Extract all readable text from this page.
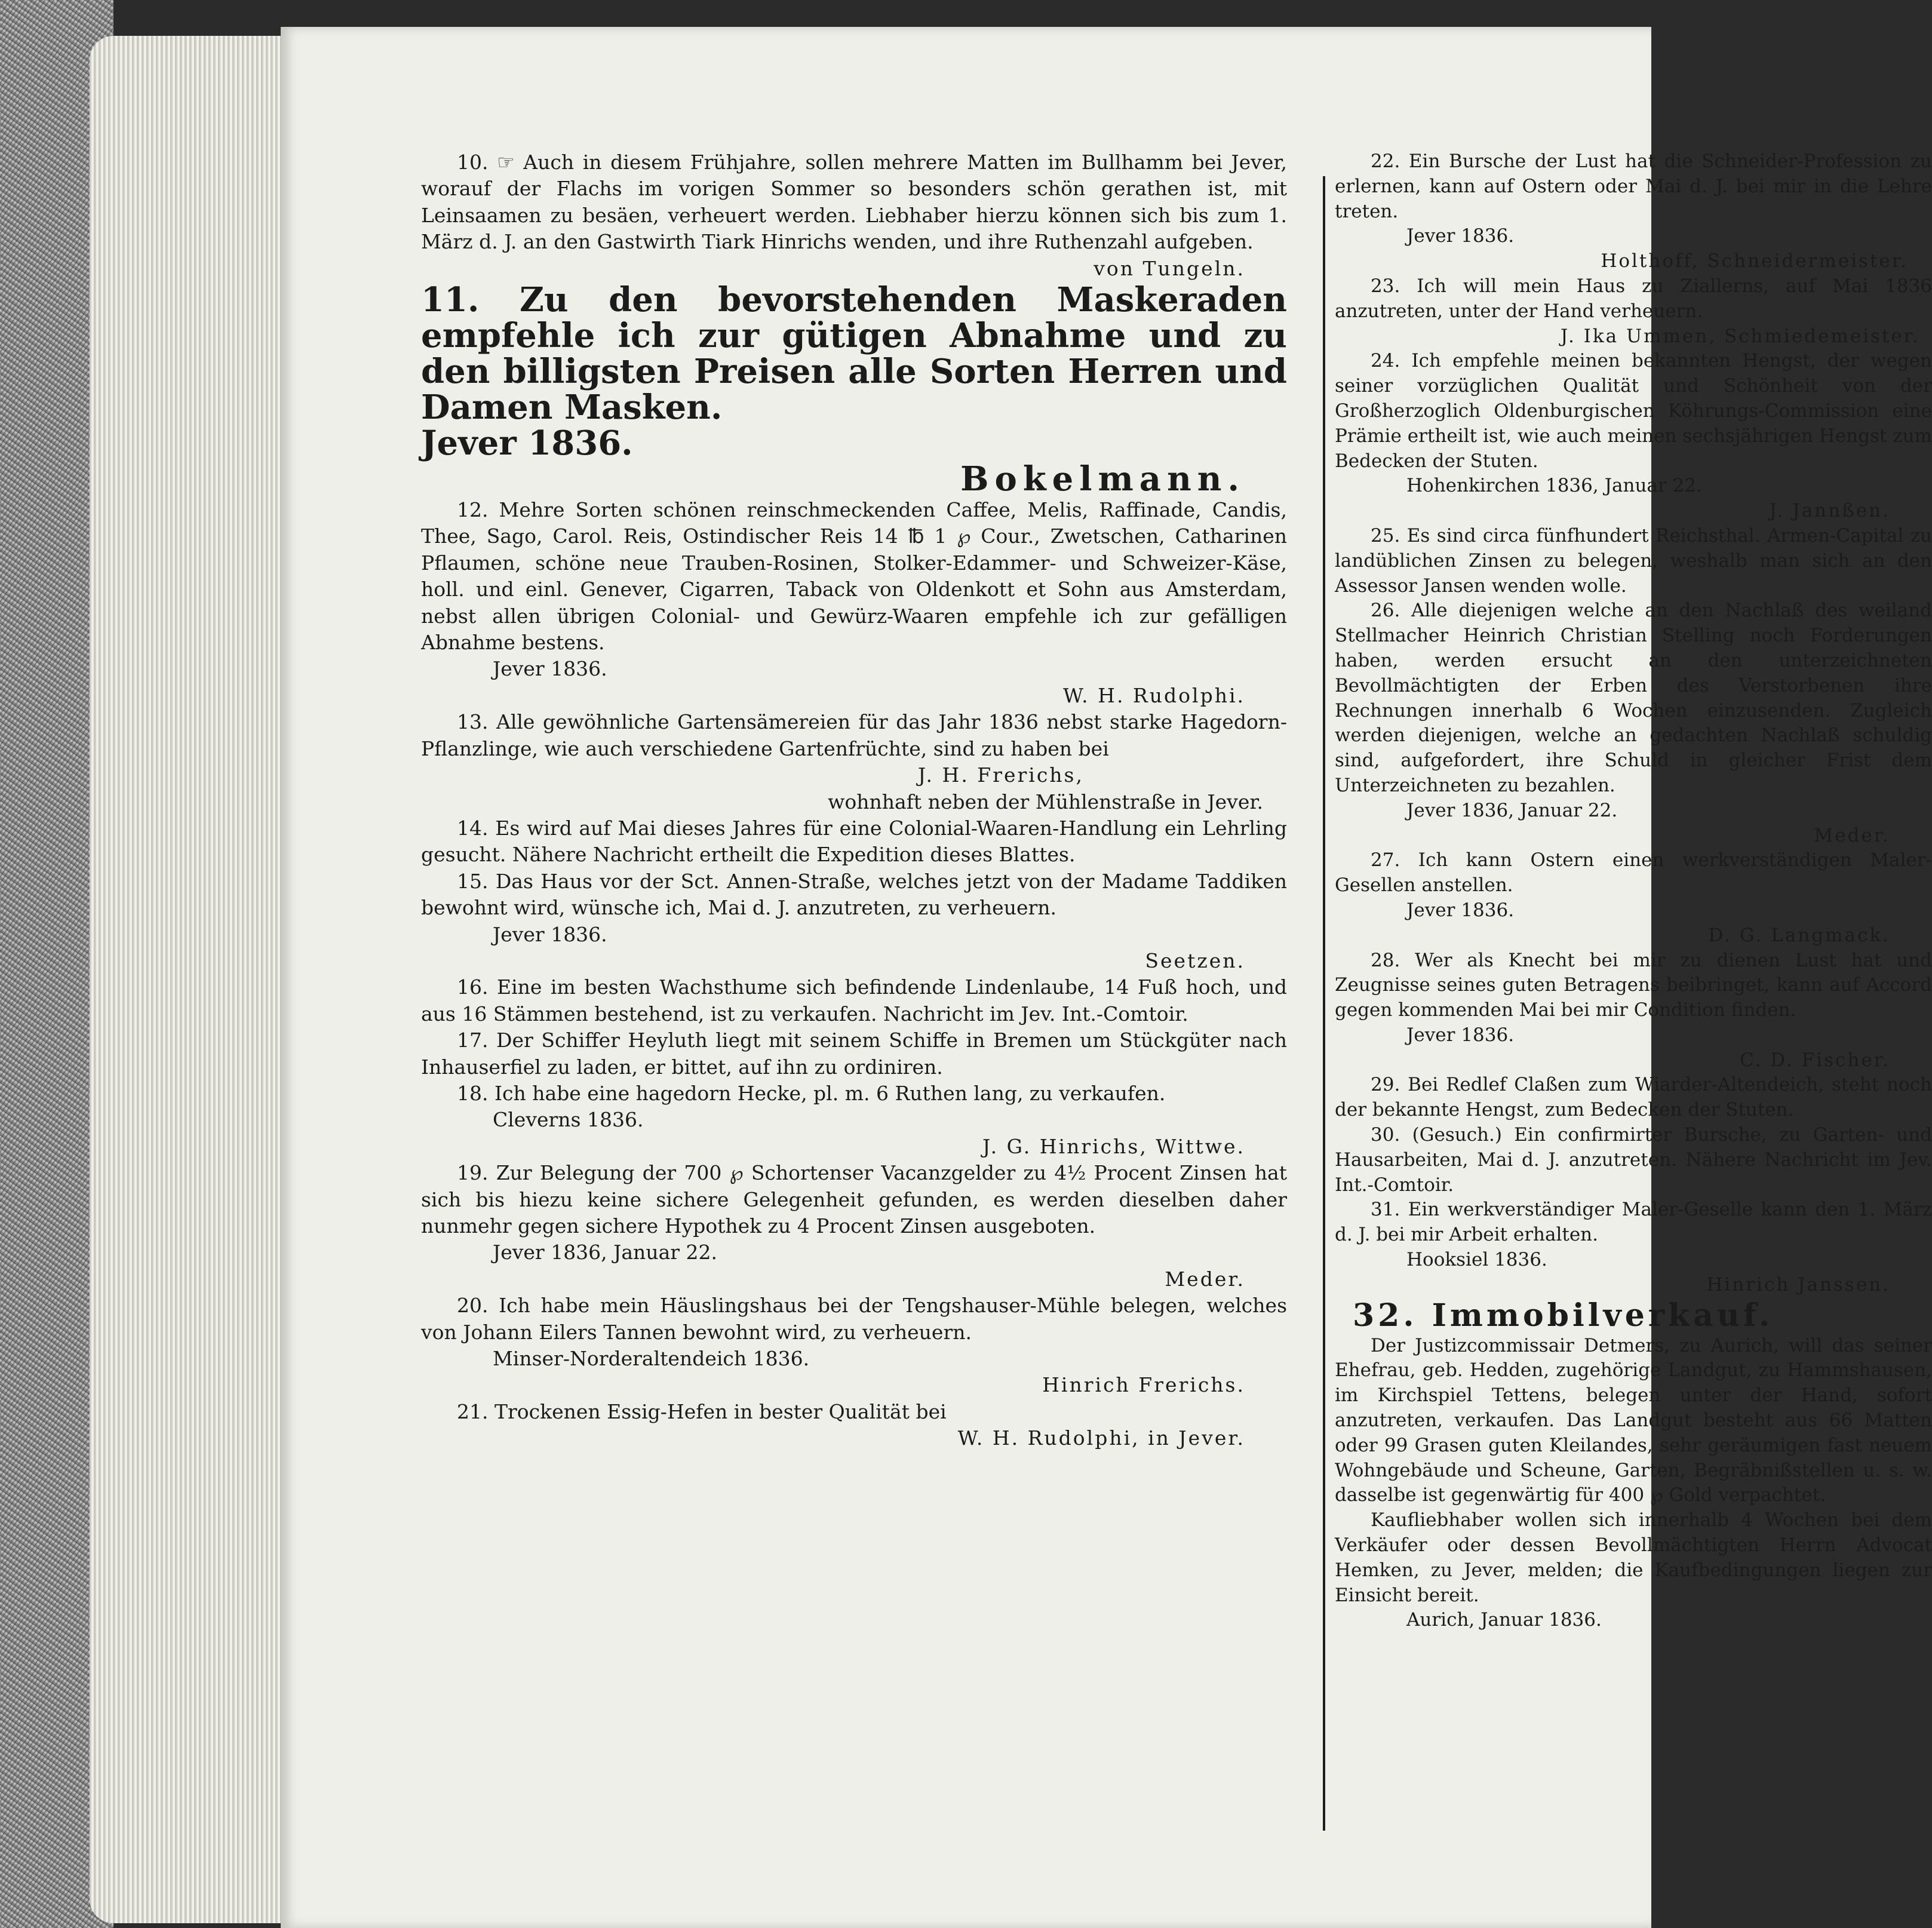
10. ☞ Auch in diesem Frühjahre, sollen mehrere Matten im Bullhamm bei Jever, worauf der Flachs im vorigen Sommer so besonders schön gerathen ist, mit Leinsaamen zu besäen, verheuert werden. Liebhaber hierzu können sich bis zum 1. März d. J. an den Gastwirth Tiark Hinrichs wenden, und ihre Ruthenzahl aufgeben.

von Tungeln.

11. Zu den bevorstehenden Maskeraden empfehle ich zur gütigen Abnahme und zu den billigsten Preisen alle Sorten Herren und Damen Masken.

Jever 1836.

Bokelmann.

12. Mehre Sorten schönen reinschmeckenden Caffee, Melis, Raffinade, Candis, Thee, Sago, Carol. Reis, Ostindischer Reis 14 ℔ 1 ℘ Cour., Zwetschen, Catharinen Pflaumen, schöne neue Trauben-Rosinen, Stolker-Edammer- und Schweizer-Käse, holl. und einl. Genever, Cigarren, Taback von Oldenkott et Sohn aus Amsterdam, nebst allen übrigen Colonial- und Gewürz-Waaren empfehle ich zur gefälligen Abnahme bestens.

Jever 1836.

W. H. Rudolphi.

13. Alle gewöhnliche Gartensämereien für das Jahr 1836 nebst starke Hagedorn-Pflanzlinge, wie auch verschiedene Gartenfrüchte, sind zu haben bei

J. H. Frerichs,

wohnhaft neben der Mühlenstraße in Jever.

14. Es wird auf Mai dieses Jahres für eine Colonial-Waaren-Handlung ein Lehrling gesucht. Nähere Nachricht ertheilt die Expedition dieses Blattes.

15. Das Haus vor der Sct. Annen-Straße, welches jetzt von der Madame Taddiken bewohnt wird, wünsche ich, Mai d. J. anzutreten, zu verheuern.

Jever 1836.

Seetzen.

16. Eine im besten Wachsthume sich befindende Lindenlaube, 14 Fuß hoch, und aus 16 Stämmen bestehend, ist zu verkaufen. Nachricht im Jev. Int.-Comtoir.

17. Der Schiffer Heyluth liegt mit seinem Schiffe in Bremen um Stückgüter nach Inhauserfiel zu laden, er bittet, auf ihn zu ordiniren.

18. Ich habe eine hagedorn Hecke, pl. m. 6 Ruthen lang, zu verkaufen.

Cleverns 1836.

J. G. Hinrichs, Wittwe.

19. Zur Belegung der 700 ℘ Schortenser Vacanzgelder zu 4½ Procent Zinsen hat sich bis hiezu keine sichere Gelegenheit gefunden, es werden dieselben daher nunmehr gegen sichere Hypothek zu 4 Procent Zinsen ausgeboten.

Jever 1836, Januar 22.

Meder.

20. Ich habe mein Häuslingshaus bei der Tengshauser-Mühle belegen, welches von Johann Eilers Tannen bewohnt wird, zu verheuern.

Minser-Norderaltendeich 1836.

Hinrich Frerichs.

21. Trockenen Essig-Hefen in bester Qualität bei

W. H. Rudolphi, in Jever.

22. Ein Bursche der Lust hat die Schneider-Profession zu erlernen, kann auf Ostern oder Mai d. J. bei mir in die Lehre treten.

Jever 1836.

Holthoff, Schneidermeister.

23. Ich will mein Haus zu Ziallerns, auf Mai 1836 anzutreten, unter der Hand verheuern.

J. Ika Ummen, Schmiedemeister.

24. Ich empfehle meinen bekannten Hengst, der wegen seiner vorzüglichen Qualität und Schönheit von der Großherzoglich Oldenburgischen Köhrungs-Commission eine Prämie ertheilt ist, wie auch meinen sechsjährigen Hengst zum Bedecken der Stuten.

Hohenkirchen 1836, Januar 22.

J. Jannßen.

25. Es sind circa fünfhundert Reichsthal. Armen-Capital zu landüblichen Zinsen zu belegen, weshalb man sich an den Assessor Jansen wenden wolle.

26. Alle diejenigen welche an den Nachlaß des weiland Stellmacher Heinrich Christian Stelling noch Forderungen haben, werden ersucht an den unterzeichneten Bevollmächtigten der Erben des Verstorbenen ihre Rechnungen innerhalb 6 Wochen einzusenden. Zugleich werden diejenigen, welche an gedachten Nachlaß schuldig sind, aufgefordert, ihre Schuld in gleicher Frist dem Unterzeichneten zu bezahlen.

Jever 1836, Januar 22.

Meder.

27. Ich kann Ostern einen werkverständigen Maler-Gesellen anstellen.

Jever 1836.

D. G. Langmack.

28. Wer als Knecht bei mir zu dienen Lust hat und Zeugnisse seines guten Betragens beibringet, kann auf Accord gegen kommenden Mai bei mir Condition finden.

Jever 1836.

C. D. Fischer.

29. Bei Redlef Claßen zum Wiarder-Altendeich, steht noch der bekannte Hengst, zum Bedecken der Stuten.

30. (Gesuch.) Ein confirmirter Bursche, zu Garten- und Hausarbeiten, Mai d. J. anzutreten. Nähere Nachricht im Jev. Int.-Comtoir.

31. Ein werkverständiger Maler-Geselle kann den 1. März d. J. bei mir Arbeit erhalten.

Hooksiel 1836.

Hinrich Janssen.

32. Immobilverkauf.

Der Justizcommissair Detmers, zu Aurich, will das seiner Ehefrau, geb. Hedden, zugehörige Landgut, zu Hammshausen, im Kirchspiel Tettens, belegen unter der Hand, sofort anzutreten, verkaufen. Das Landgut besteht aus 66 Matten oder 99 Grasen guten Kleilandes, sehr geräumigen fast neuem Wohngebäude und Scheune, Garten, Begräbnißstellen u. s. w. dasselbe ist gegenwärtig für 400 ℘ Gold verpachtet.

Kaufliebhaber wollen sich innerhalb 4 Wochen bei dem Verkäufer oder dessen Bevollmächtigten Herrn Advocat Hemken, zu Jever, melden; die Kaufbedingungen liegen zur Einsicht bereit.

Aurich, Januar 1836.
